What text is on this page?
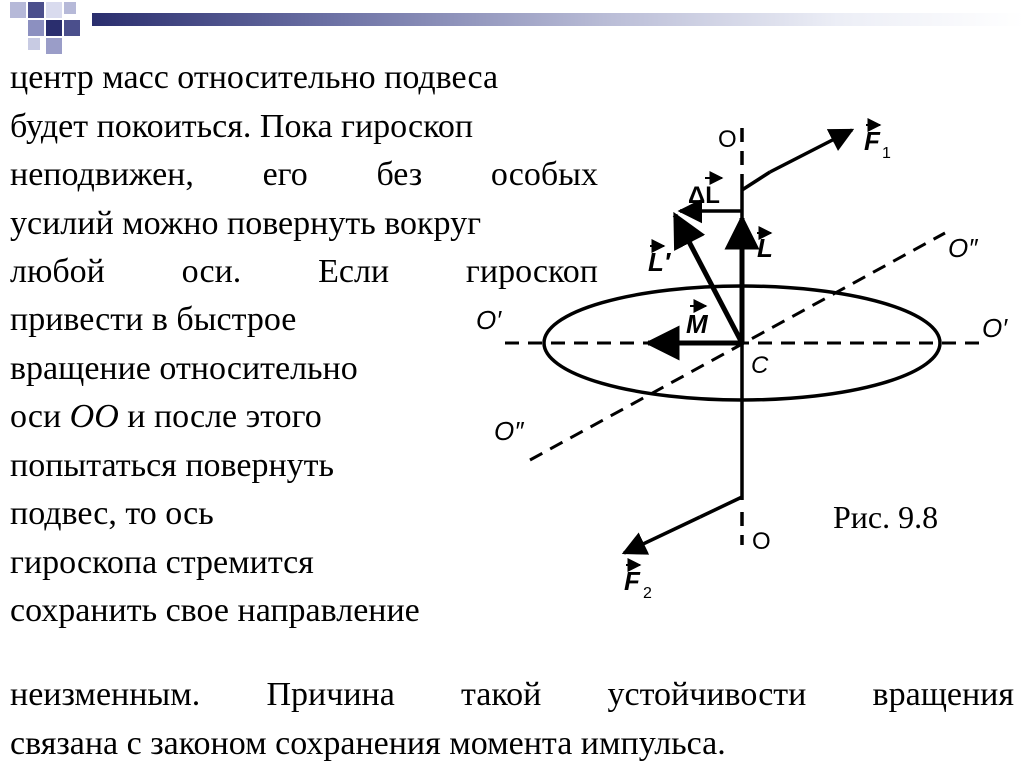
центр масс относительно подвеса
будет покоиться. Пока гироскоп
неподвижен, его без особых
усилий можно повернуть вокруг
любой оси. Если гироскоп
привести в быстрое
вращение относительно
оси ОО и после этого
попытаться повернуть
подвес, то ось
гироскопа стремится
сохранить свое направление
неизменным. Причина такой устойчивости вращения
связана с законом сохранения момента импульса.
O
O
O′	O′
O″
O″
C
F 1
F 2
L
L′
ΔL
M
Рис. 9.8
